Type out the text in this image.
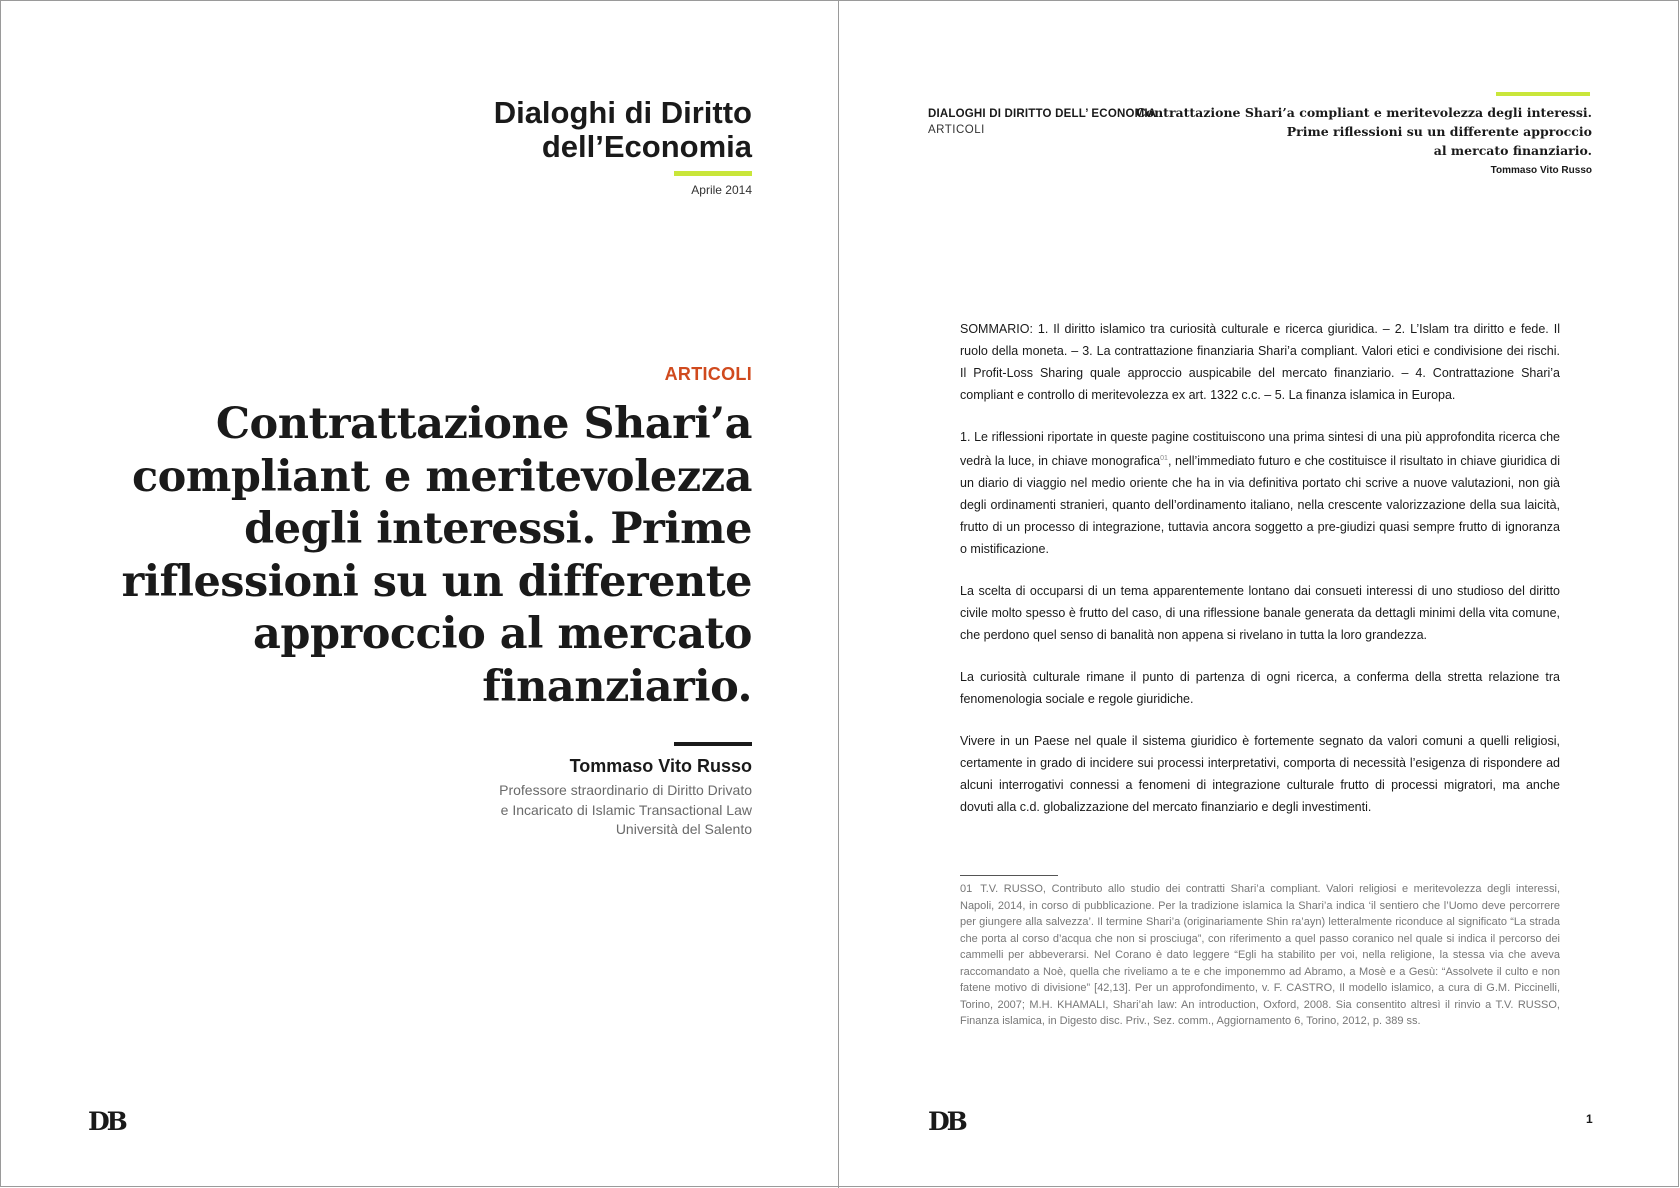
Dialoghi di Diritto
dell’Economia
Aprile 2014
ARTICOLI
Contrattazione Shari’a
compliant e meritevolezza
degli interessi. Prime
riflessioni su un differente
approccio al mercato
finanziario.
Tommaso Vito Russo
Professore straordinario di Diritto Drivato
e Incaricato di Islamic Transactional Law
Università del Salento
DB
DIALOGHI DI DIRITTO DELL’ ECONOMIA
ARTICOLI
Contrattazione Shari’a compliant e meritevolezza degli interessi.
Prime riflessioni su un differente approccio
al mercato finanziario.
Tommaso Vito Russo

SOMMARIO: 1. Il diritto islamico tra curiosità culturale e ricerca giuridica. – 2. L’Islam tra diritto e fede. Il ruolo della moneta. – 3. La contrattazione finanziaria Shari’a compliant. Valori etici e condivisione dei rischi. Il Profit-Loss Sharing quale approccio auspicabile del mercato finanziario. – 4. Contrattazione Shari’a compliant e controllo di meritevolezza ex art. 1322 c.c. – 5. La finanza islamica in Europa.

1. Le riflessioni riportate in queste pagine costituiscono una prima sintesi di una più approfondita ricerca che vedrà la luce, in chiave monografica$^{01}$, nell’immediato futuro e che costituisce il risultato in chiave giuridica di un diario di viaggio nel medio oriente che ha in via definitiva portato chi scrive a nuove valutazioni, non già degli ordinamenti stranieri, quanto dell’ordinamento italiano, nella crescente valorizzazione della sua laicità, frutto di un processo di integrazione, tuttavia ancora soggetto a pre-giudizi quasi sempre frutto di ignoranza o mistificazione.

La scelta di occuparsi di un tema apparentemente lontano dai consueti interessi di uno studioso del diritto civile molto spesso è frutto del caso, di una riflessione banale generata da dettagli minimi della vita comune, che perdono quel senso di banalità non appena si rivelano in tutta la loro grandezza.

La curiosità culturale rimane il punto di partenza di ogni ricerca, a conferma della stretta relazione tra fenomenologia sociale e regole giuridiche.

Vivere in un Paese nel quale il sistema giuridico è fortemente segnato da valori comuni a quelli religiosi, certamente in grado di incidere sui processi interpretativi, comporta di necessità l’esigenza di rispondere ad alcuni interrogativi connessi a fenomeni di integrazione culturale frutto di processi migratori, ma anche dovuti alla c.d. globalizzazione del mercato finanziario e degli investimenti.

01 T.V. RUSSO, Contributo allo studio dei contratti Shari’a compliant. Valori religiosi e meritevolezza degli interessi, Napoli, 2014, in corso di pubblicazione. Per la tradizione islamica la Shari’a indica ‘il sentiero che l’Uomo deve percorrere per giungere alla salvezza’. Il termine Shari’a (originariamente Shin ra’ayn) letteralmente riconduce al significato “La strada che porta al corso d’acqua che non si prosciuga”, con riferimento a quel passo coranico nel quale si indica il percorso dei cammelli per abbeverarsi. Nel Corano è dato leggere “Egli ha stabilito per voi, nella religione, la stessa via che aveva raccomandato a Noè, quella che riveliamo a te e che imponemmo ad Abramo, a Mosè e a Gesù: “Assolvete il culto e non fatene motivo di divisione” [42,13]. Per un approfondimento, v. F. CASTRO, Il modello islamico, a cura di G.M. Piccinelli, Torino, 2007; M.H. KHAMALI, Shari’ah law: An introduction, Oxford, 2008. Sia consentito altresì il rinvio a T.V. RUSSO, Finanza islamica, in Digesto disc. Priv., Sez. comm., Aggiornamento 6, Torino, 2012, p. 389 ss.
DB	1
